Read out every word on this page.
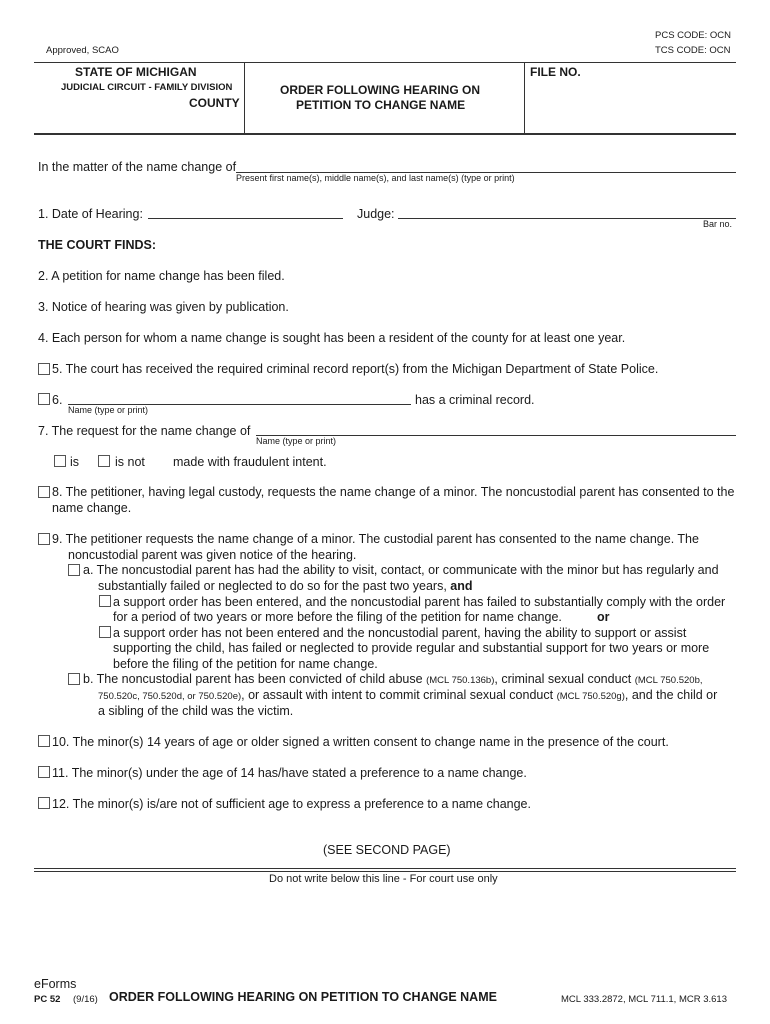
PCS CODE: OCN
TCS CODE: OCN
Approved, SCAO
STATE OF MICHIGAN
JUDICIAL CIRCUIT - FAMILY DIVISION
COUNTY
ORDER FOLLOWING HEARING ON
PETITION TO CHANGE NAME
FILE NO.
In the matter of the name change of
Present first name(s), middle name(s), and last name(s) (type or print)
1. Date of Hearing:	Judge:
Bar no.
THE COURT FINDS:
2. A petition for name change has been filed.
3. Notice of hearing was given by publication.
4. Each person for whom a name change is sought has been a resident of the county for at least one year.
5. The court has received the required criminal record report(s) from the Michigan Department of State Police.
6.	has a criminal record.
Name (type or print)
7. The request for the name change of
Name (type or print)
is	is not made with fraudulent intent.
8. The petitioner, having legal custody, requests the name change of a minor. The noncustodial parent has consented to the name change.
9. The petitioner requests the name change of a minor. The custodial parent has consented to the name change. The
noncustodial parent was given notice of the hearing.
a. The noncustodial parent has had the ability to visit, contact, or communicate with the minor but has regularly and
substantially failed or neglected to do so for the past two years, and
a support order has been entered, and the noncustodial parent has failed to substantially comply with the order
for a period of two years or more before the filing of the petition for name change.	or
a support order has not been entered and the noncustodial parent, having the ability to support or assist
supporting the child, has failed or neglected to provide regular and substantial support for two years or more
before the filing of the petition for name change.
b. The noncustodial parent has been convicted of child abuse (MCL 750.136b), criminal sexual conduct (MCL 750.520b,
750.520c, 750.520d, or 750.520e), or assault with intent to commit criminal sexual conduct (MCL 750.520g), and the child or
a sibling of the child was the victim.
10. The minor(s) 14 years of age or older signed a written consent to change name in the presence of the court.
11. The minor(s) under the age of 14 has/have stated a preference to a name change.
12. The minor(s) is/are not of sufficient age to express a preference to a name change.
(SEE SECOND PAGE)
Do not write below this line - For court use only
eForms
PC 52 (9/16) ORDER FOLLOWING HEARING ON PETITION TO CHANGE NAME	MCL 333.2872, MCL 711.1, MCR 3.613
